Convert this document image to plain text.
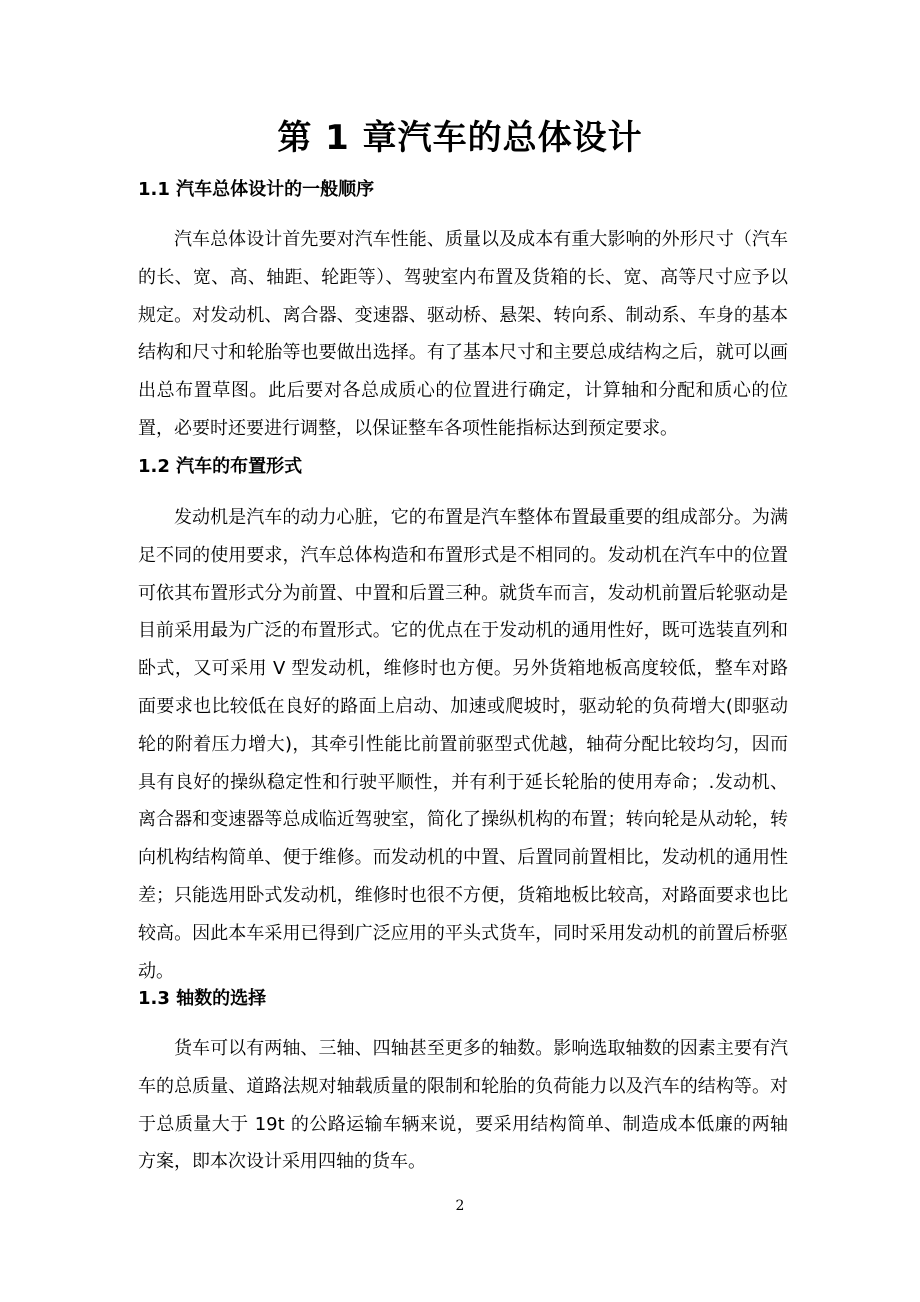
第 1 章汽车的总体设计
1.1 汽车总体设计的一般顺序

汽车总体设计首先要对汽车性能、质量以及成本有重大影响的外形尺寸（汽车的长、宽、高、轴距、轮距等）、驾驶室内布置及货箱的长、宽、高等尺寸应予以规定。对发动机、离合器、变速器、驱动桥、悬架、转向系、制动系、车身的基本结构和尺寸和轮胎等也要做出选择。有了基本尺寸和主要总成结构之后，就可以画出总布置草图。此后要对各总成质心的位置进行确定，计算轴和分配和质心的位置，必要时还要进行调整，以保证整车各项性能指标达到预定要求。

1.2 汽车的布置形式

发动机是汽车的动力心脏，它的布置是汽车整体布置最重要的组成部分。为满足不同的使用要求，汽车总体构造和布置形式是不相同的。发动机在汽车中的位置可依其布置形式分为前置、中置和后置三种。就货车而言，发动机前置后轮驱动是目前采用最为广泛的布置形式。它的优点在于发动机的通用性好，既可选装直列和卧式，又可采用 V 型发动机，维修时也方便。另外货箱地板高度较低，整车对路面要求也比较低在良好的路面上启动、加速或爬坡时，驱动轮的负荷增大(即驱动轮的附着压力增大)，其牵引性能比前置前驱型式优越，轴荷分配比较均匀，因而具有良好的操纵稳定性和行驶平顺性，并有利于延长轮胎的使用寿命；.发动机、离合器和变速器等总成临近驾驶室，简化了操纵机构的布置；转向轮是从动轮，转向机构结构简单、便于维修。而发动机的中置、后置同前置相比，发动机的通用性差；只能选用卧式发动机，维修时也很不方便，货箱地板比较高，对路面要求也比较高。因此本车采用已得到广泛应用的平头式货车，同时采用发动机的前置后桥驱动。

1.3 轴数的选择

货车可以有两轴、三轴、四轴甚至更多的轴数。影响选取轴数的因素主要有汽车的总质量、道路法规对轴载质量的限制和轮胎的负荷能力以及汽车的结构等。对于总质量大于 19t 的公路运输车辆来说，要采用结构简单、制造成本低廉的两轴方案，即本次设计采用四轴的货车。

2
